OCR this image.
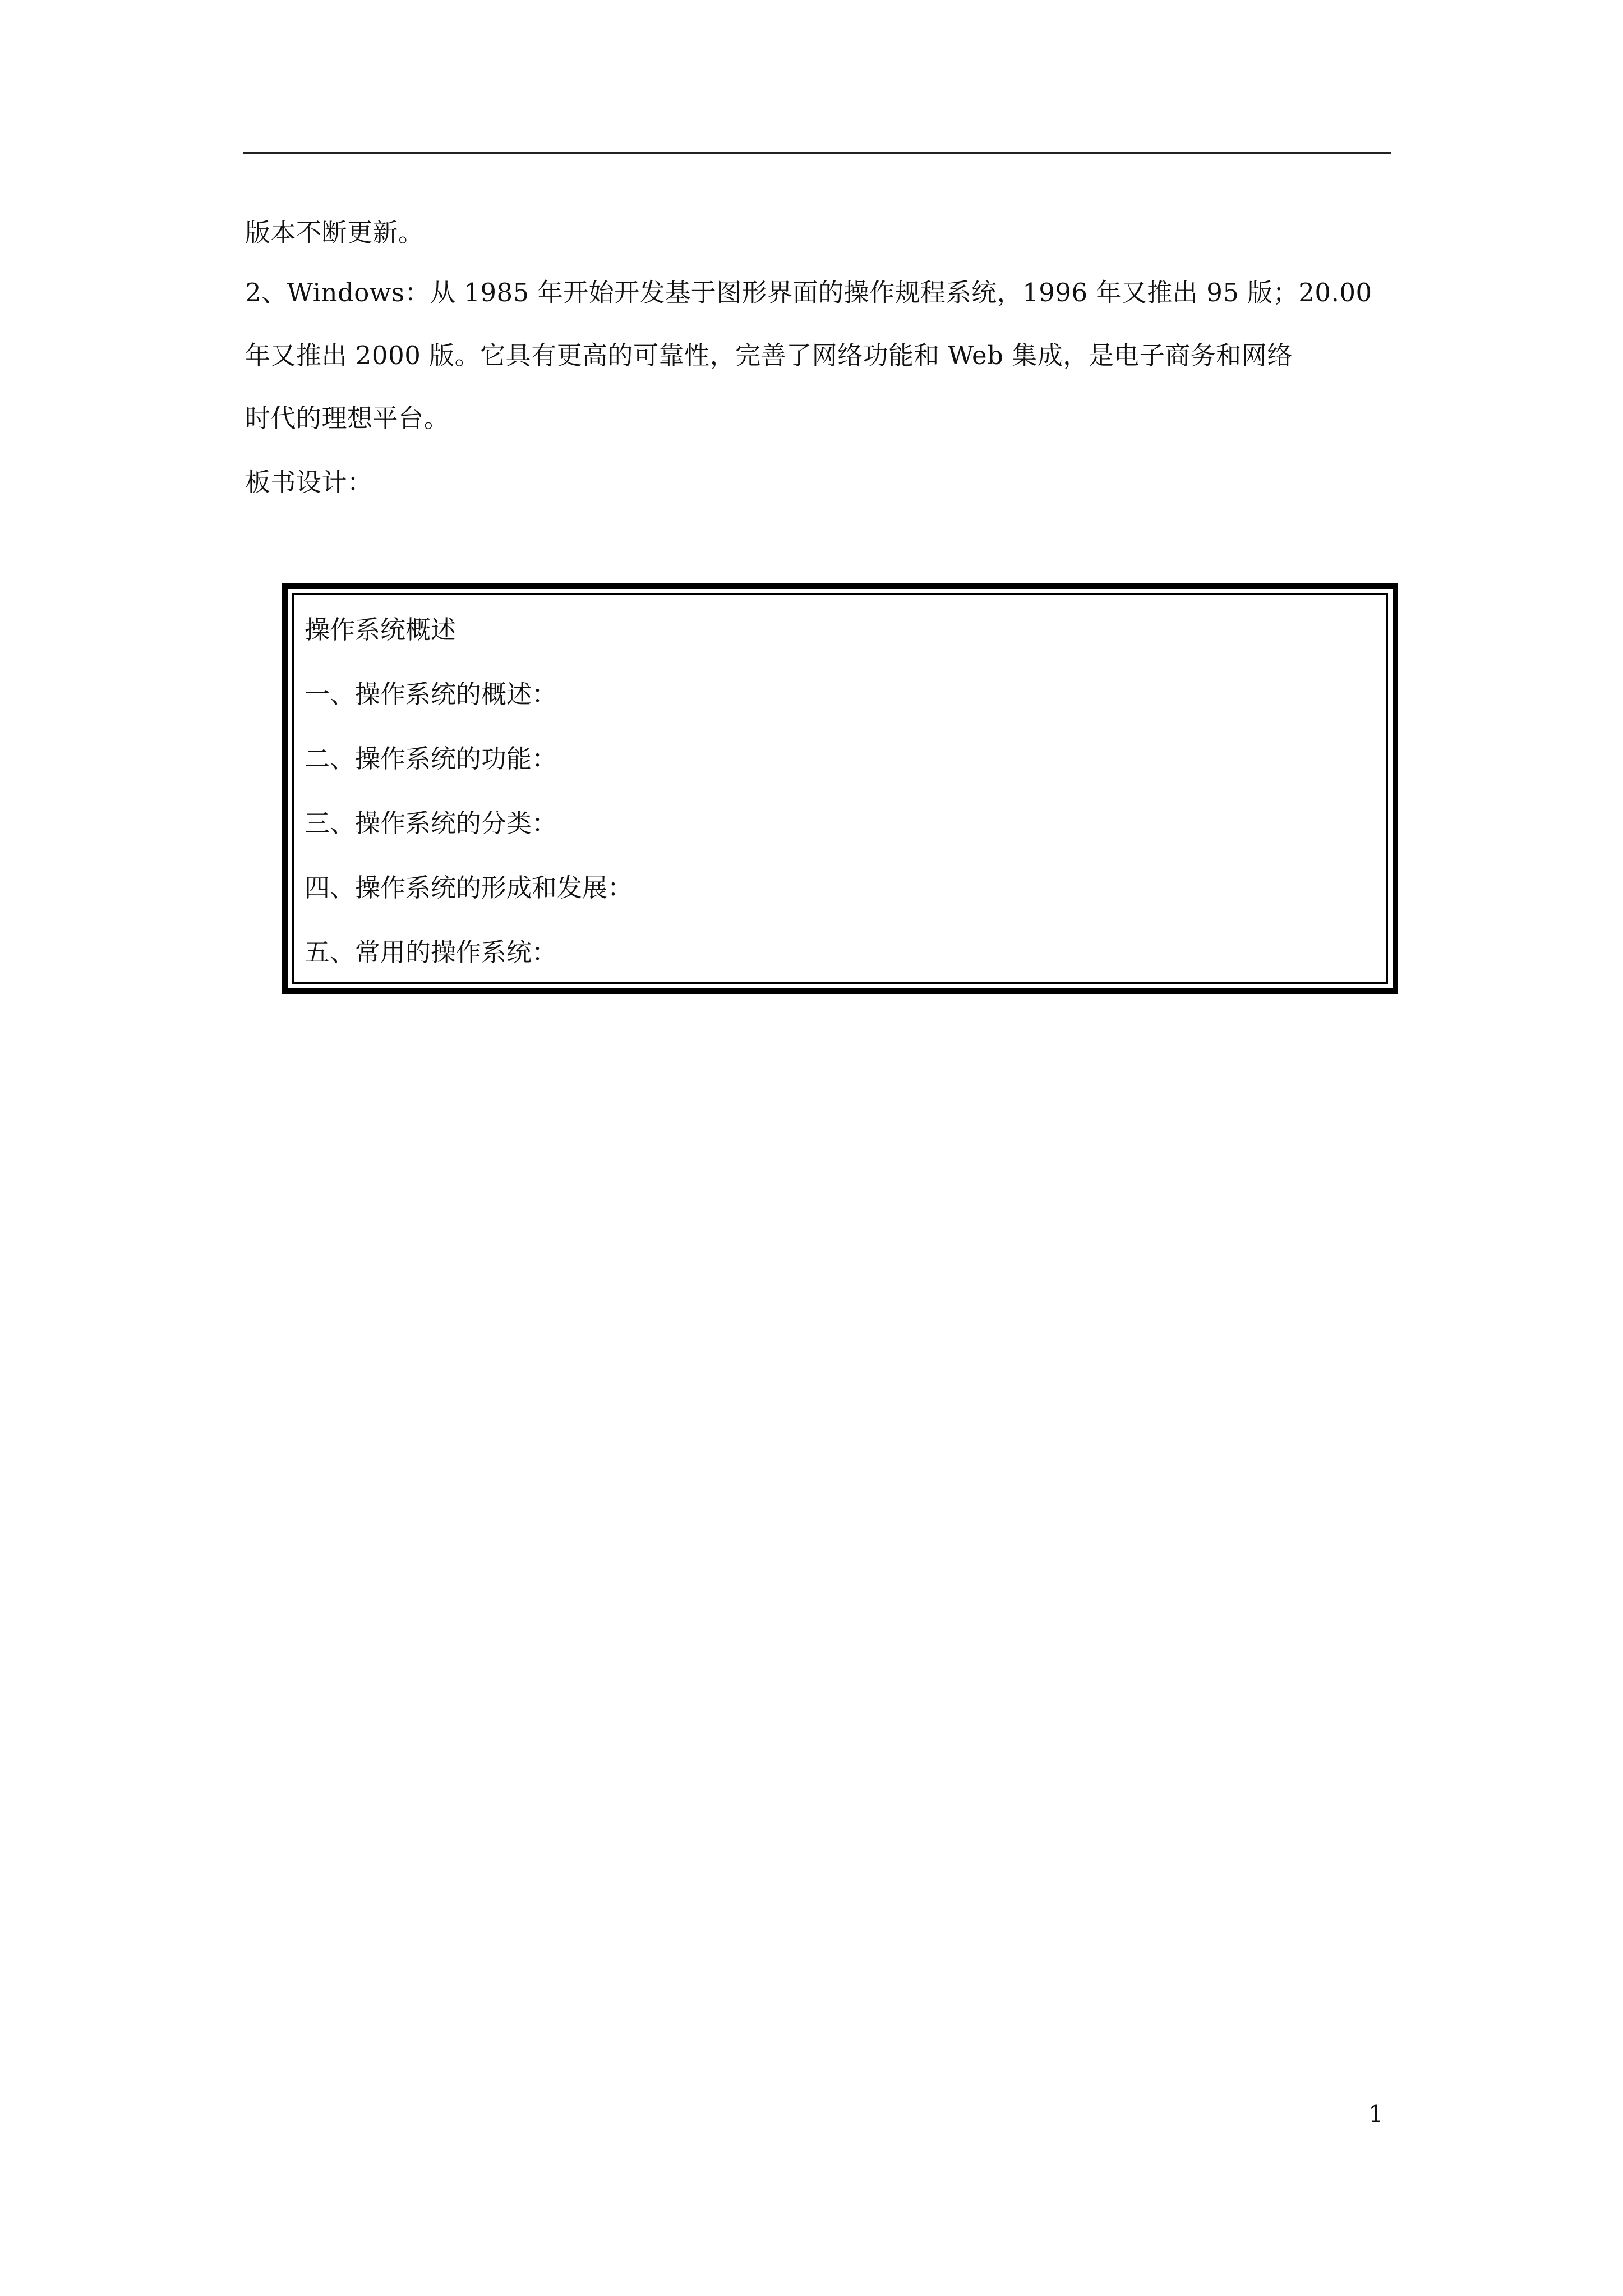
版本不断更新。
2、Windows：从 1985 年开始开发基于图形界面的操作规程系统，1996 年又推出 95 版；20.00
年又推出 2000 版。它具有更高的可靠性，完善了网络功能和 Web 集成，是电子商务和网络
时代的理想平台。
板书设计：
操作系统概述
一、操作系统的概述：
二、操作系统的功能：
三、操作系统的分类：
四、操作系统的形成和发展：
五、常用的操作系统：
1
